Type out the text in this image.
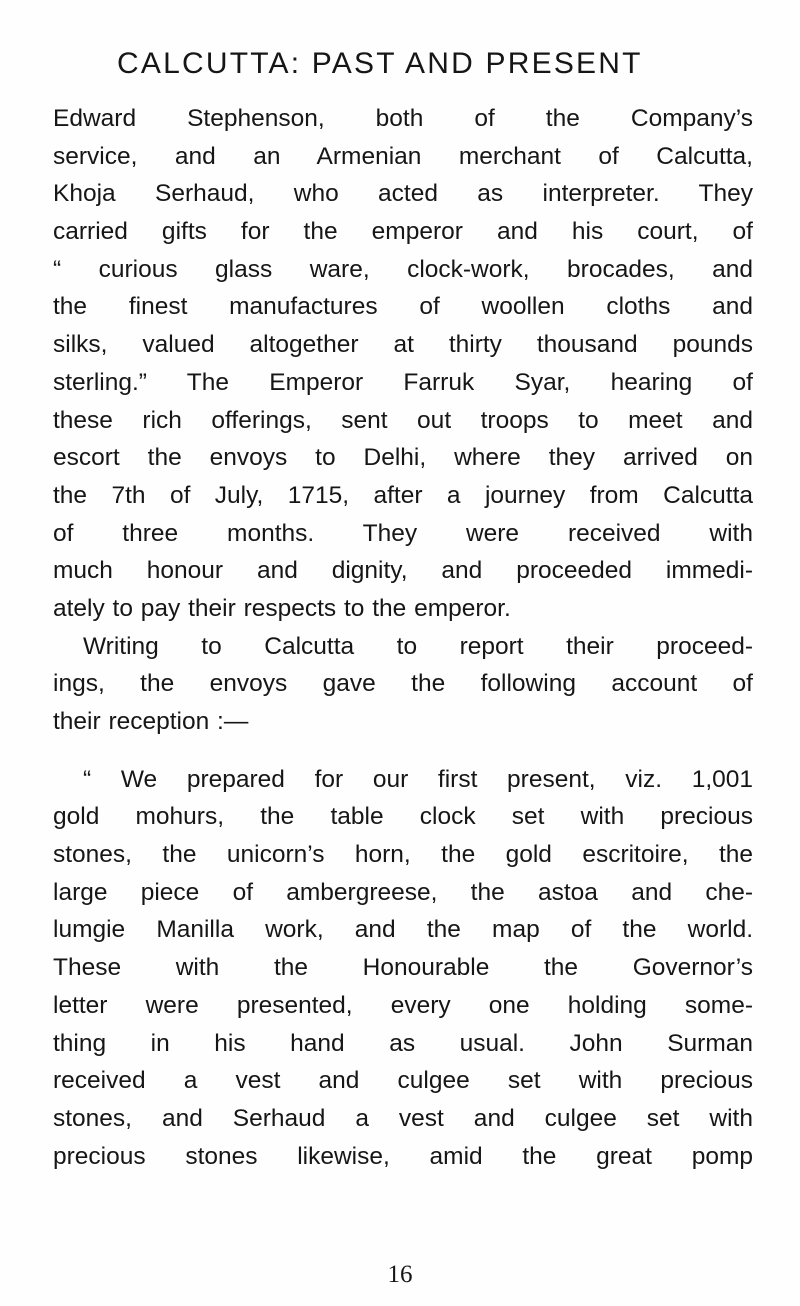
CALCUTTA: PAST AND PRESENT
Edward Stephenson, both of the Company’s
service, and an Armenian merchant of Calcutta,
Khoja Serhaud, who acted as interpreter. They
carried gifts for the emperor and his court, of
“ curious glass ware, clock-work, brocades, and
the finest manufactures of woollen cloths and
silks, valued altogether at thirty thousand pounds
sterling.” The Emperor Farruk Syar, hearing of
these rich offerings, sent out troops to meet and
escort the envoys to Delhi, where they arrived on
the 7th of July, 1715, after a journey from Calcutta
of three months. They were received with
much honour and dignity, and proceeded immedi-
ately to pay their respects to the emperor.
Writing to Calcutta to report their proceed-
ings, the envoys gave the following account of
their reception :—
“ We prepared for our first present, viz. 1,001
gold mohurs, the table clock set with precious
stones, the unicorn’s horn, the gold escritoire, the
large piece of ambergreese, the astoa and che-
lumgie Manilla work, and the map of the world.
These with the Honourable the Governor’s
letter were presented, every one holding some-
thing in his hand as usual. John Surman
received a vest and culgee set with precious
stones, and Serhaud a vest and culgee set with
precious stones likewise, amid the great pomp
16
